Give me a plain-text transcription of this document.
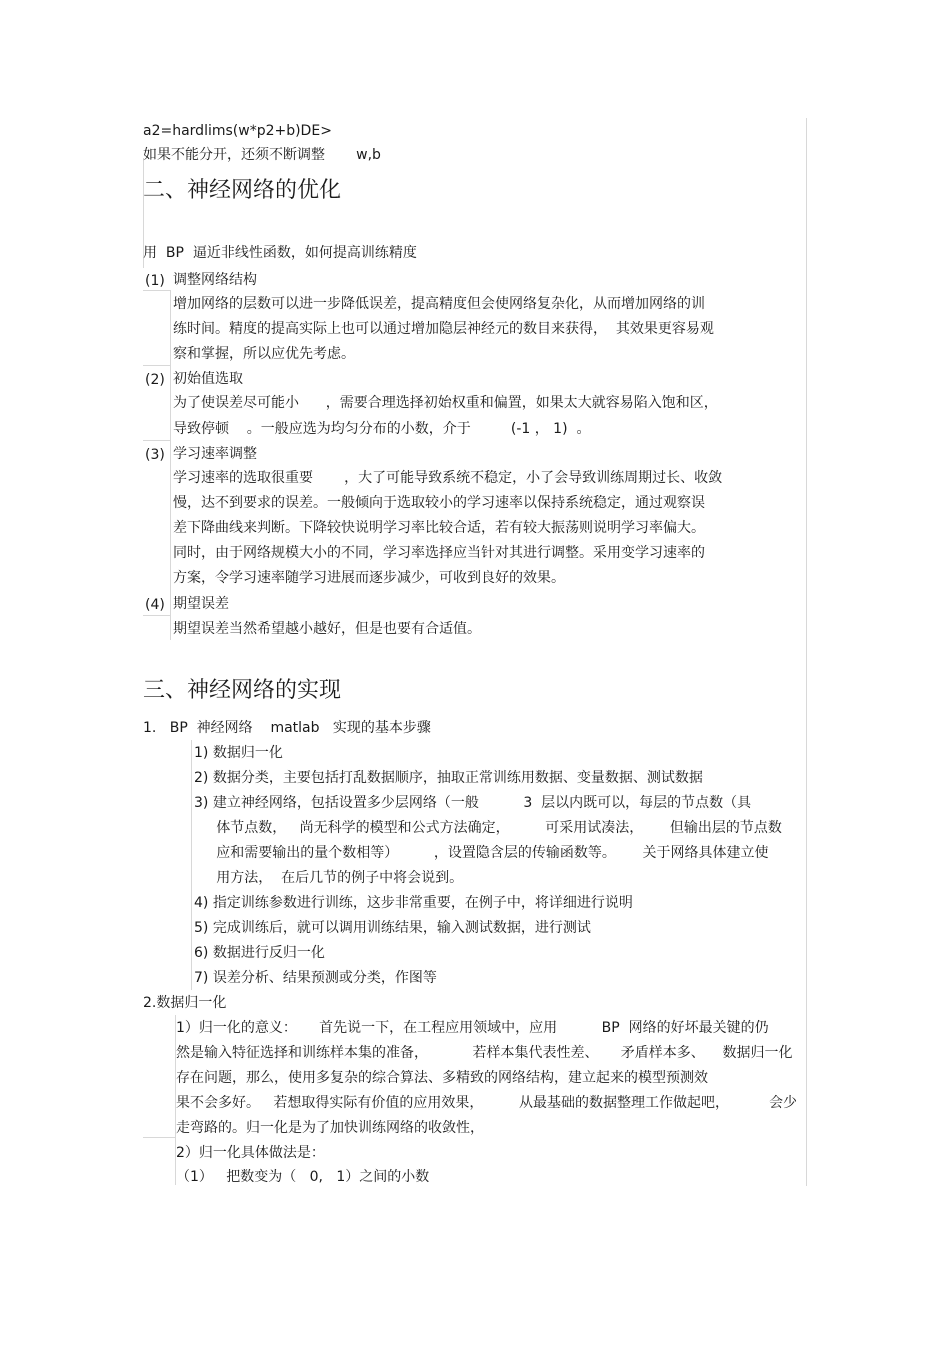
a2=hardlims(w*p2+b)DE>
如果不能分开，还须不断调整       w,b
二、神经网络的优化
用  BP  逼近非线性函数，如何提高训练精度
(1) 调整网络结构
增加网络的层数可以进一步降低误差，提高精度但会使网络复杂化，从而增加网络的训
练时间。精度的提高实际上也可以通过增加隐层神经元的数目来获得，  其效果更容易观
察和掌握，所以应优先考虑。
(2) 初始值选取
为了使误差尽可能小      ，需要合理选择初始权重和偏置，如果太大就容易陷入饱和区，
导致停顿    。一般应选为均匀分布的小数，介于         (-1 ， 1)  。
(3) 学习速率调整
学习速率的选取很重要       ，大了可能导致系统不稳定，小了会导致训练周期过长、收敛
慢，达不到要求的误差。一般倾向于选取较小的学习速率以保持系统稳定，通过观察误
差下降曲线来判断。下降较快说明学习率比较合适，若有较大振荡则说明学习率偏大。
同时，由于网络规模大小的不同，学习率选择应当针对其进行调整。采用变学习速率的
方案，令学习速率随学习进展而逐步减少，可收到良好的效果。
(4) 期望误差
期望误差当然希望越小越好，但是也要有合适值。
三、神经网络的实现
1.   BP  神经网络    matlab   实现的基本步骤
1) 数据归一化
2) 数据分类，主要包括打乱数据顺序，抽取正常训练用数据、变量数据、测试数据
3) 建立神经网络，包括设置多少层网络（一般          3  层以内既可以，每层的节点数（具
体节点数，   尚无科学的模型和公式方法确定，        可采用试凑法，      但输出层的节点数
应和需要输出的量个数相等）        ，设置隐含层的传输函数等。      关于网络具体建立使
用方法，  在后几节的例子中将会说到。
4) 指定训练参数进行训练，这步非常重要，在例子中，将详细进行说明
5) 完成训练后，就可以调用训练结果，输入测试数据，进行测试
6) 数据进行反归一化
7) 误差分析、结果预测或分类，作图等
2.数据归一化
1）归一化的意义：     首先说一下，在工程应用领域中，应用          BP  网络的好坏最关键的仍
然是输入特征选择和训练样本集的准备，          若样本集代表性差、     矛盾样本多、    数据归一化
存在问题，那么，使用多复杂的综合算法、多精致的网络结构，建立起来的模型预测效
果不会多好。   若想取得实际有价值的应用效果，        从最基础的数据整理工作做起吧，         会少
走弯路的。归一化是为了加快训练网络的收敛性，
2）归一化具体做法是：
（1）   把数变为（   0,   1）之间的小数
